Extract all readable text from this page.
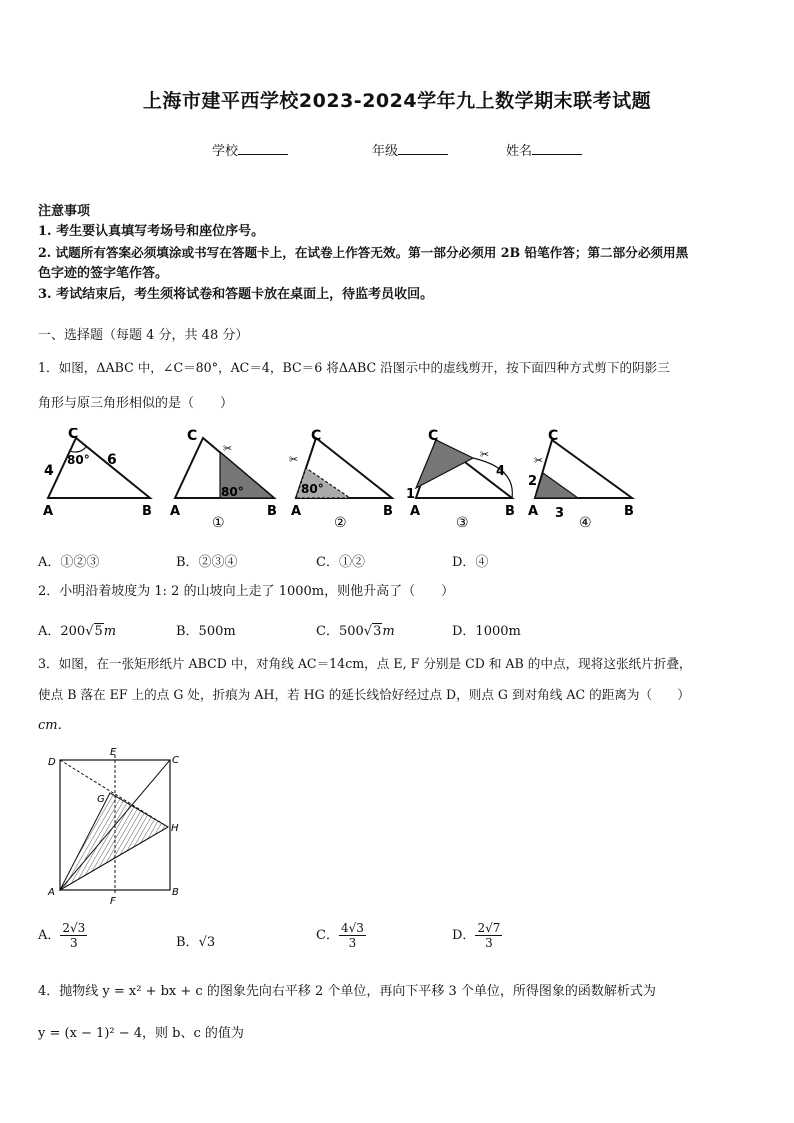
上海市建平西学校2023-2024学年九上数学期末联考试题
学校	年级	姓名
注意事项
1. 考生要认真填写考场号和座位序号。
2. 试题所有答案必须填涂或书写在答题卡上，在试卷上作答无效。第一部分必须用 2B 铅笔作答；第二部分必须用黑
色字迹的签字笔作答。
3. 考试结束后，考生须将试卷和答题卡放在桌面上，待监考员收回。
一、选择题（每题 4 分，共 48 分）
1．如图，ΔABC 中，∠C＝80°，AC＝4，BC＝6 将ΔABC 沿图示中的虚线剪开，按下面四种方式剪下的阴影三
角形与原三角形相似的是（　　）
C
4
6
80°
A	B
C
80°
✂
A	B
①
C
80°
✂
A	B
②
C
4
1
✂
A	B
③
C
2
3
✂
A	B
④
A．①②③	B．②③④	C．①②	D．④
2．小明沿着坡度为 1: 2 的山坡向上走了 1000m，则他升高了（　　）
A．200√5m	B．500m	C．500√3m	D．1000m
3．如图，在一张矩形纸片 ABCD 中，对角线 AC＝14cm，点 E, F 分别是 CD 和 AB 的中点，现将这张纸片折叠，
使点 B 落在 EF 上的点 G 处，折痕为 AH，若 HG 的延长线恰好经过点 D，则点 G 到对角线 AC 的距离为（　　）
cm．
D
E
C
G
H
A
F
B
A． $\frac{2√3}{3}$	B．√3	C． $\frac{4√3}{3}$	D． $\frac{2√7}{3}$
4．抛物线 y = x² + bx + c 的图象先向右平移 2 个单位，再向下平移 3 个单位，所得图象的函数解析式为
y = (x − 1)² − 4，则 b、c 的值为
